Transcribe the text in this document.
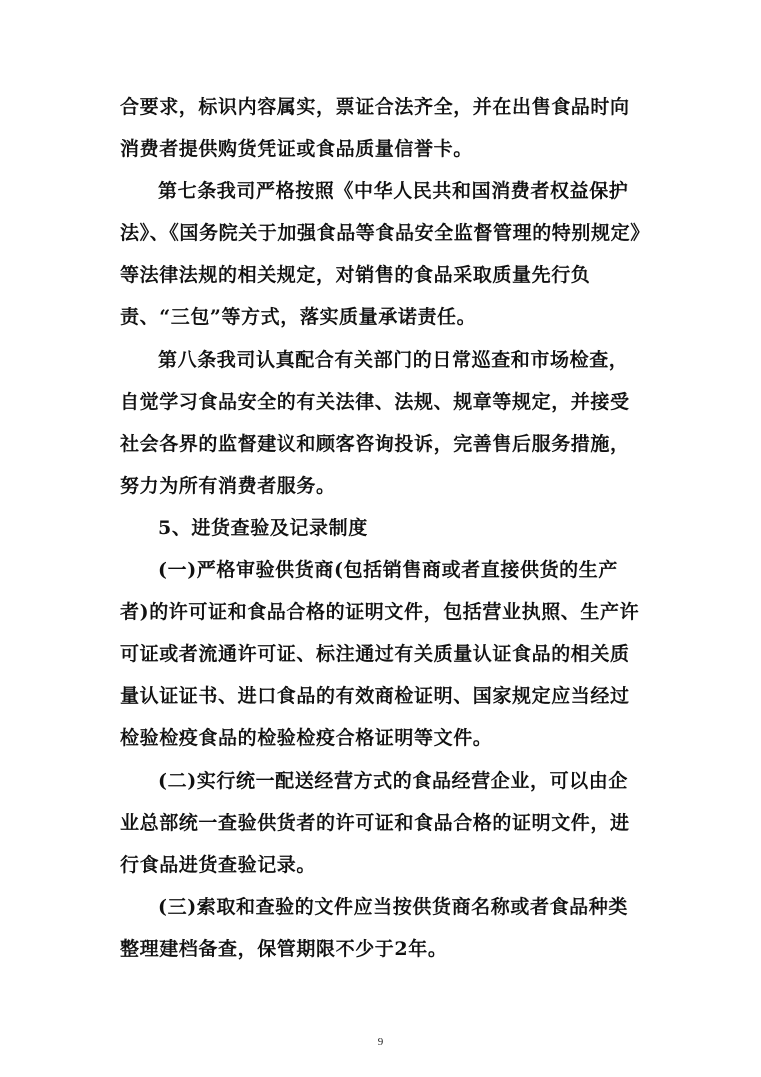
合要求，标识内容属实，票证合法齐全，并在出售食品时向消费者提供购货凭证或食品质量信誉卡。

第七条我司严格按照《中华人民共和国消费者权益保护法》、《国务院关于加强食品等食品安全监督管理的特别规定》等法律法规的相关规定，对销售的食品采取质量先行负责、“三包”等方式，落实质量承诺责任。

第八条我司认真配合有关部门的日常巡查和市场检查，自觉学习食品安全的有关法律、法规、规章等规定，并接受社会各界的监督建议和顾客咨询投诉，完善售后服务措施，努力为所有消费者服务。

5、进货查验及记录制度

(一)严格审验供货商(包括销售商或者直接供货的生产者)的许可证和食品合格的证明文件，包括营业执照、生产许可证或者流通许可证、标注通过有关质量认证食品的相关质量认证证书、进口食品的有效商检证明、国家规定应当经过检验检疫食品的检验检疫合格证明等文件。

(二)实行统一配送经营方式的食品经营企业，可以由企业总部统一查验供货者的许可证和食品合格的证明文件，进行食品进货查验记录。

(三)索取和查验的文件应当按供货商名称或者食品种类整理建档备查，保管期限不少于2年。

9
